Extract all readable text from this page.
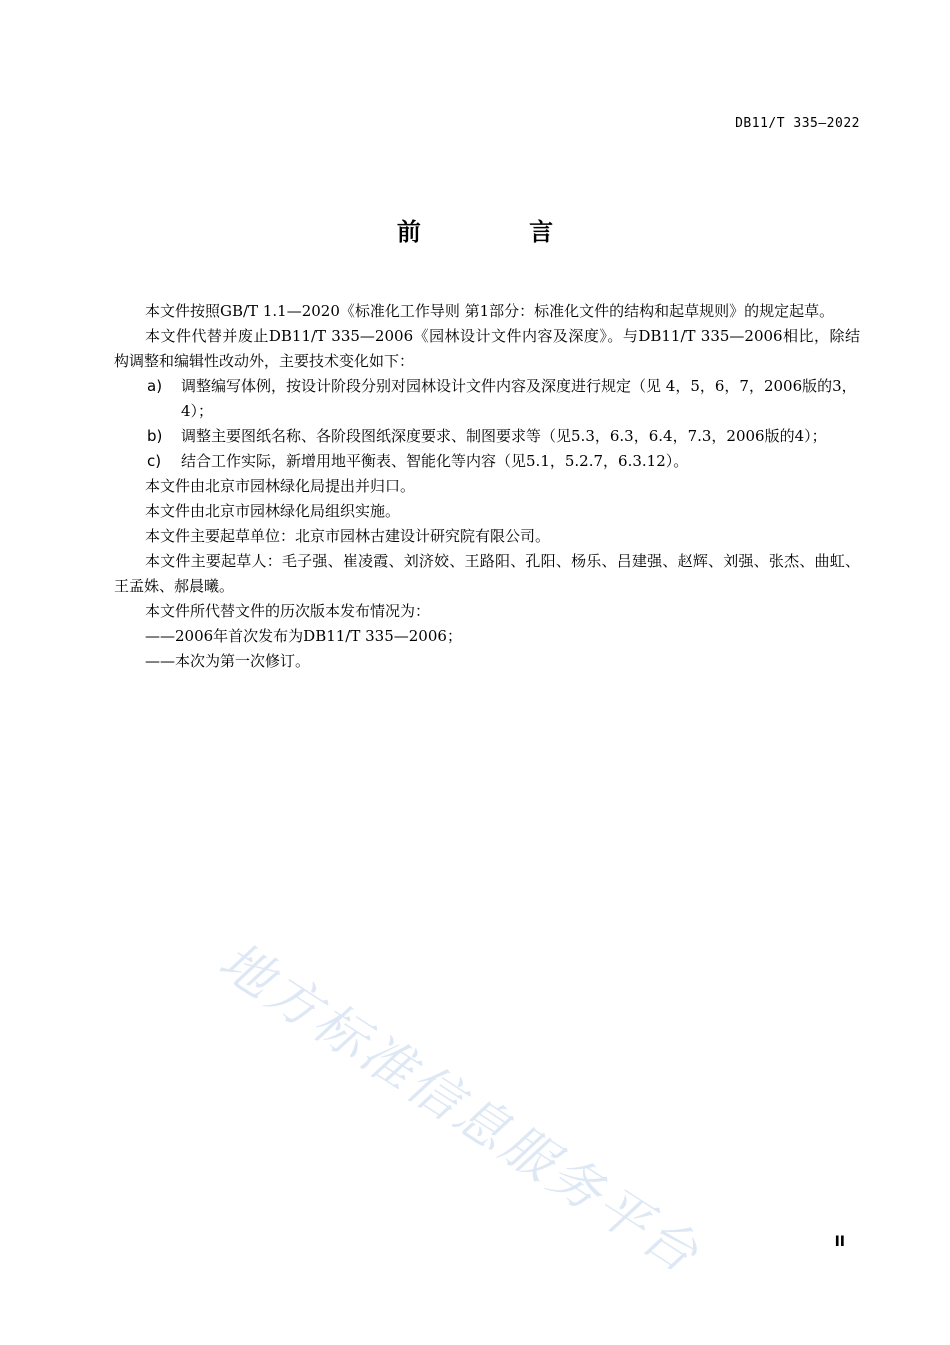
DB11/T 335—2022
前 言

本文件按照GB/T 1.1—2020《标准化工作导则 第1部分：标准化文件的结构和起草规则》的规定起草。

本文件代替并废止DB11/T 335—2006《园林设计文件内容及深度》。与DB11/T 335—2006相比，除结构调整和编辑性改动外，主要技术变化如下：

a) 调整编写体例，按设计阶段分别对园林设计文件内容及深度进行规定（见 4，5，6，7，2006版的3，4）；
b) 调整主要图纸名称、各阶段图纸深度要求、制图要求等（见5.3，6.3，6.4，7.3，2006版的4）；
c) 结合工作实际，新增用地平衡表、智能化等内容（见5.1，5.2.7，6.3.12）。

本文件由北京市园林绿化局提出并归口。

本文件由北京市园林绿化局组织实施。

本文件主要起草单位：北京市园林古建设计研究院有限公司。

本文件主要起草人：毛子强、崔凌霞、刘济姣、王路阳、孔阳、杨乐、吕建强、赵辉、刘强、张杰、曲虹、王孟姝、郝晨曦。

本文件所代替文件的历次版本发布情况为：

——2006年首次发布为DB11/T 335—2006；

——本次为第一次修订。

地方标准信息服务平台	II
